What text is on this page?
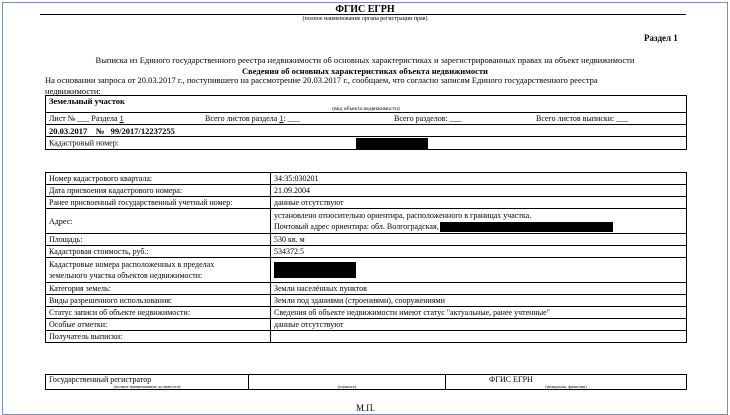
ФГИС ЕГРН
(полное наименование органа регистрации прав)
Раздел 1
Выписка из Единого государственного реестра недвижимости об основных характеристиках и зарегистрированных правах на объект недвижимости
Сведения об основных характеристиках объекта недвижимости
На основании запроса от 20.03.2017 г., поступившего на рассмотрение 20.03.2017 г., сообщаем, что согласно записям Единого государственного реестра
недвижимости:
Земельный участок
(вид объекта недвижимости)
Лист № ___ Раздела 1	Всего листов раздела 1: ___	Всего разделов: ___	Всего листов выписки: ___
20.03.2017 № 99/2017/12237255
Кадастровый номер:
Номер кадастрового квартала:	34:35:030201
Дата присвоения кадастрового номера:	21.09.2004
Ранее присвоенный государственный учетный номер:	данные отсутствуют
Адрес:	установлено относительно ориентира, расположенного в границах участка.
Почтовый адрес ориентира: обл. Волгоградская,

Площадь:	530 кв. м
Кадастровая стоимость, руб.:	534372.5

Кадастровые номера расположенных в пределах
земельного участка объектов недвижимости:	

Категория земель:	Земли населённых пунктов
Виды разрешенного использования:	Земли под зданиями (строениями), сооружениями
Статус записи об объекте недвижимости:	Сведения об объекте недвижимости имеют статус "актуальные, ранее учтенные"
Особые отметки:	данные отсутствуют
Получатель выписки:	
Государственный регистратор		ФГИС ЕГРН
(полное наименование должности)	(подпись)	(инициалы, фамилия)
М.П.
